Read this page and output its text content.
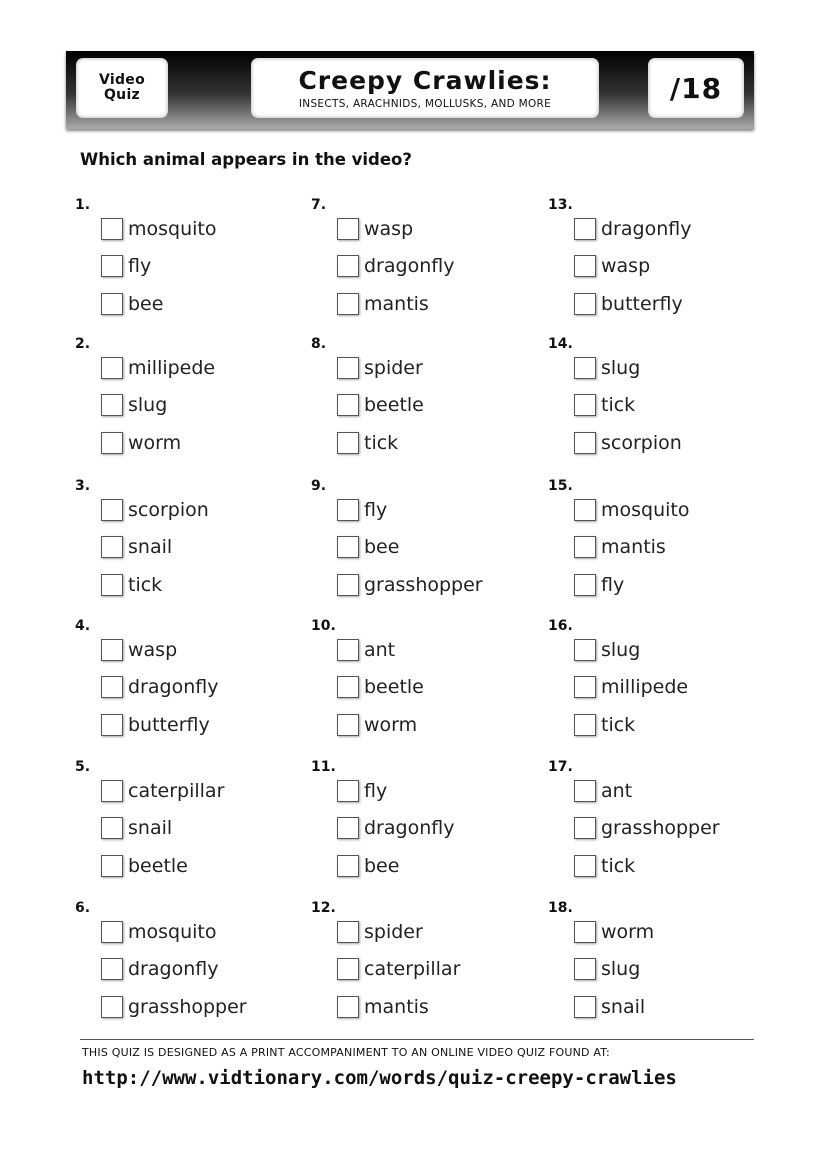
Video Quiz
Creepy Crawlies:
INSECTS, ARACHNIDS, MOLLUSKS, AND MORE	/18
Which animal appears in the video?
1.
mosquito
fly
bee
2.
millipede
slug
worm
3.
scorpion
snail
tick
4.
wasp
dragonfly
butterfly
5.
caterpillar
snail
beetle
6.
mosquito
dragonfly
grasshopper
7.
wasp
dragonfly
mantis
8.
spider
beetle
tick
9.
fly
bee
grasshopper
10.
ant
beetle
worm
11.
fly
dragonfly
bee
12.
spider
caterpillar
mantis
13.
dragonfly
wasp
butterfly
14.
slug
tick
scorpion
15.
mosquito
mantis
fly
16.
slug
millipede
tick
17.
ant
grasshopper
tick
18.
worm
slug
snail
THIS QUIZ IS DESIGNED AS A PRINT ACCOMPANIMENT TO AN ONLINE VIDEO QUIZ FOUND AT:
http://www.vidtionary.com/words/quiz-creepy-crawlies
